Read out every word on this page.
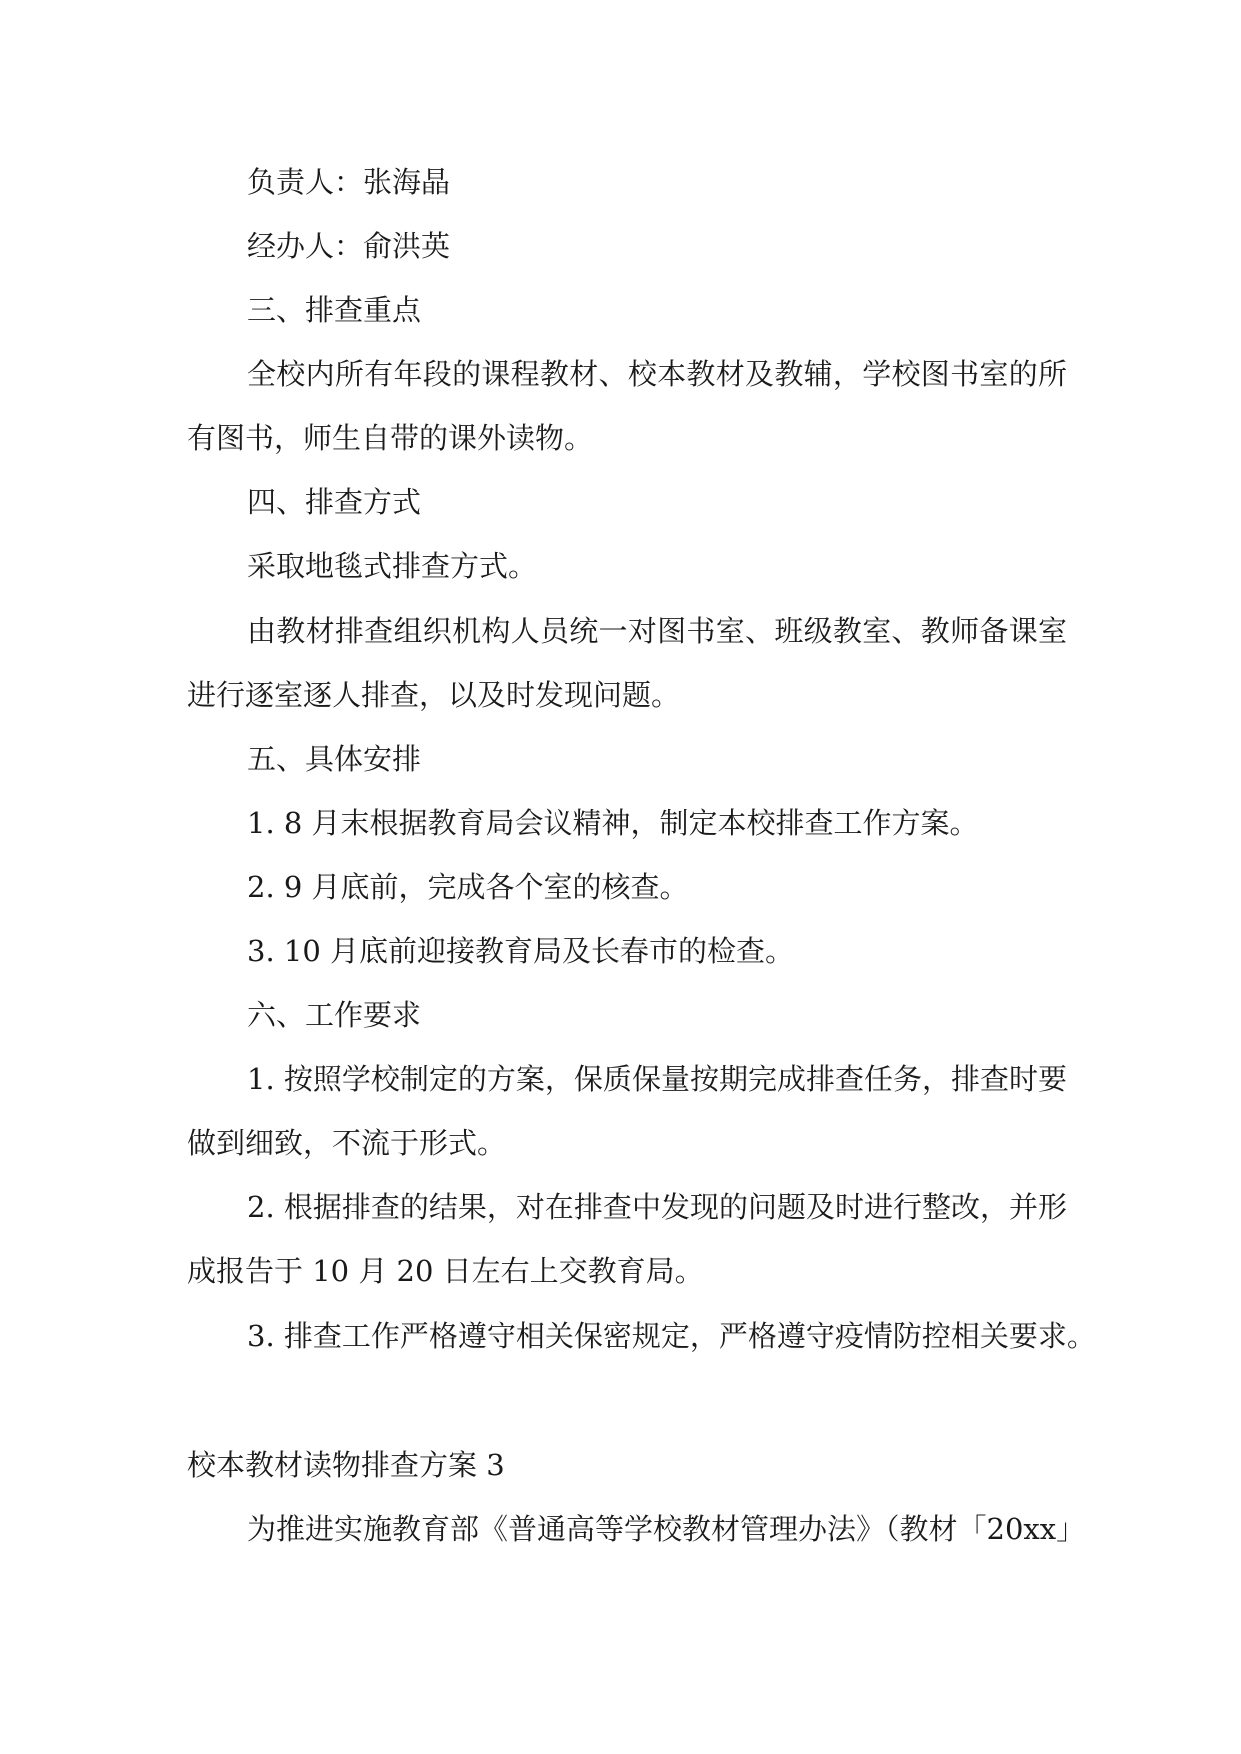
负责人：张海晶

经办人：俞洪英

三、排查重点

全校内所有年段的课程教材、校本教材及教辅，学校图书室的所

有图书，师生自带的课外读物。

四、排查方式

采取地毯式排查方式。

由教材排查组织机构人员统一对图书室、班级教室、教师备课室

进行逐室逐人排查，以及时发现问题。

五、具体安排

1. 8 月末根据教育局会议精神，制定本校排查工作方案。

2. 9 月底前，完成各个室的核查。

3. 10 月底前迎接教育局及长春市的检查。

六、工作要求

1. 按照学校制定的方案，保质保量按期完成排查任务，排查时要

做到细致，不流于形式。

2. 根据排查的结果，对在排查中发现的问题及时进行整改，并形

成报告于 10 月 20 日左右上交教育局。

3. 排查工作严格遵守相关保密规定，严格遵守疫情防控相关要求。

校本教材读物排查方案 3

为推进实施教育部《普通高等学校教材管理办法》（教材「20xx」
